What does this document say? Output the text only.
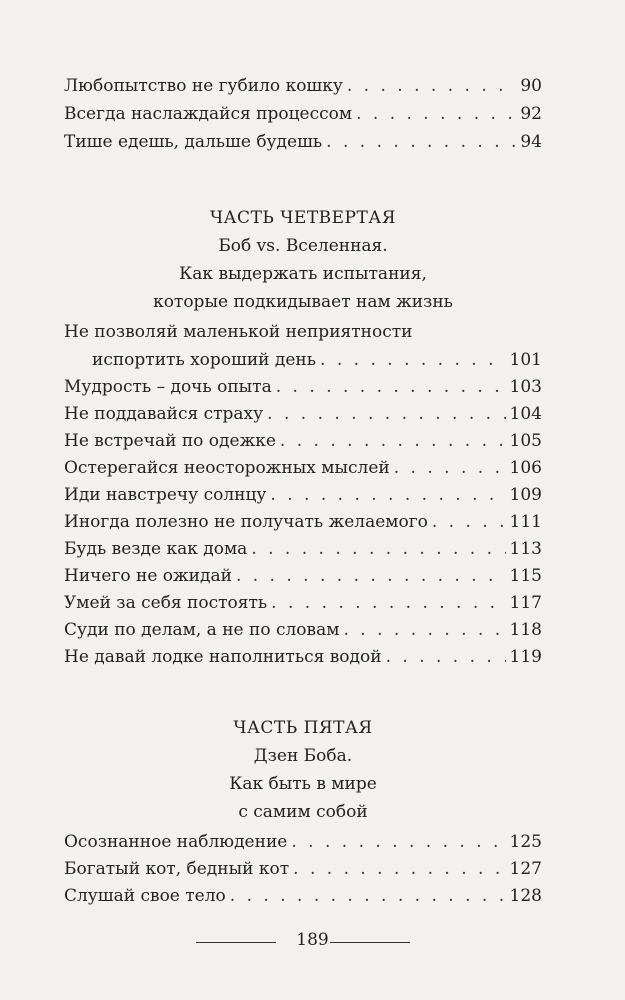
Любопытство не губило кошку . . .	90
Всегда наслаждайся процессом . . .	92
Тише едешь, дальше будешь . . .	94
ЧАСТЬ ЧЕТВЕРТАЯ
Боб vs. Вселенная.
Как выдержать испытания,
которые подкидывает нам жизнь
Не позволяй маленькой неприятности
испортить хороший день . . .	101
Мудрость – дочь опыта . . .	103
Не поддавайся страху . . .	104
Не встречай по одежке . . .	105
Остерегайся неосторожных мыслей . . .	106
Иди навстречу солнцу . . .	109
Иногда полезно не получать желаемого . . .	111
Будь везде как дома . . .	113
Ничего не ожидай . . .	115
Умей за себя постоять . . .	117
Суди по делам, а не по словам . . .	118
Не давай лодке наполниться водой . . .	119
ЧАСТЬ ПЯТАЯ
Дзен Боба.
Как быть в мире
с самим собой
Осознанное наблюдение . . .	125
Богатый кот, бедный кот . . .	127
Слушай свое тело . . .	128
189
